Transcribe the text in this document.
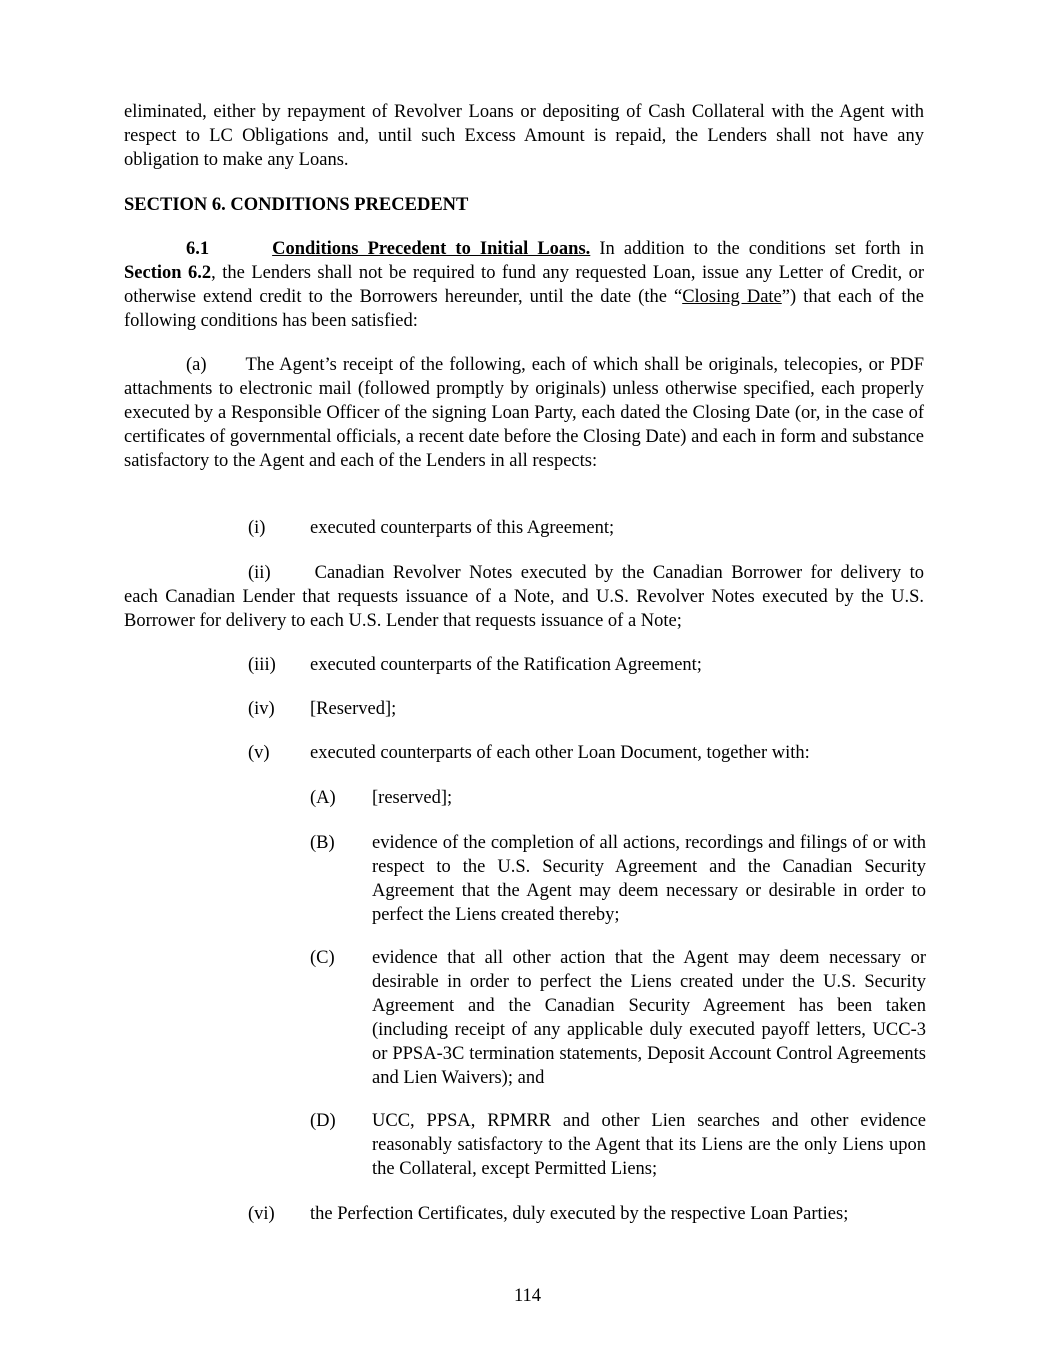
eliminated, either by repayment of Revolver Loans or depositing of Cash Collateral with the Agent with respect to LC Obligations and, until such Excess Amount is repaid, the Lenders shall not have any obligation to make any Loans.

SECTION 6. CONDITIONS PRECEDENT

6.1	Conditions Precedent to Initial Loans. In addition to the conditions set forth in Section 6.2, the Lenders shall not be required to fund any requested Loan, issue any Letter of Credit, or otherwise extend credit to the Borrowers hereunder, until the date (the “Closing Date”) that each of the following conditions has been satisfied:

(a) The Agent’s receipt of the following, each of which shall be originals, telecopies, or PDF attachments to electronic mail (followed promptly by originals) unless otherwise specified, each properly executed by a Responsible Officer of the signing Loan Party, each dated the Closing Date (or, in the case of certificates of governmental officials, a recent date before the Closing Date) and each in form and substance satisfactory to the Agent and each of the Lenders in all respects:

(i) executed counterparts of this Agreement;

(ii) Canadian Revolver Notes executed by the Canadian Borrower for delivery to each Canadian Lender that requests issuance of a Note, and U.S. Revolver Notes executed by the U.S. Borrower for delivery to each U.S. Lender that requests issuance of a Note;

(iii) executed counterparts of the Ratification Agreement;
(iv) [Reserved];
(v) executed counterparts of each other Loan Document, together with:
(A) [reserved];
(B) evidence of the completion of all actions, recordings and filings of or with respect to the U.S. Security Agreement and the Canadian Security Agreement that the Agent may deem necessary or desirable in order to perfect the Liens created thereby;
(C) evidence that all other action that the Agent may deem necessary or desirable in order to perfect the Liens created under the U.S. Security Agreement and the Canadian Security Agreement has been taken (including receipt of any applicable duly executed payoff letters, UCC-3 or PPSA-3C termination statements, Deposit Account Control Agreements and Lien Waivers); and
(D) UCC, PPSA, RPMRR and other Lien searches and other evidence reasonably satisfactory to the Agent that its Liens are the only Liens upon the Collateral, except Permitted Liens;
(vi) the Perfection Certificates, duly executed by the respective Loan Parties;

114
